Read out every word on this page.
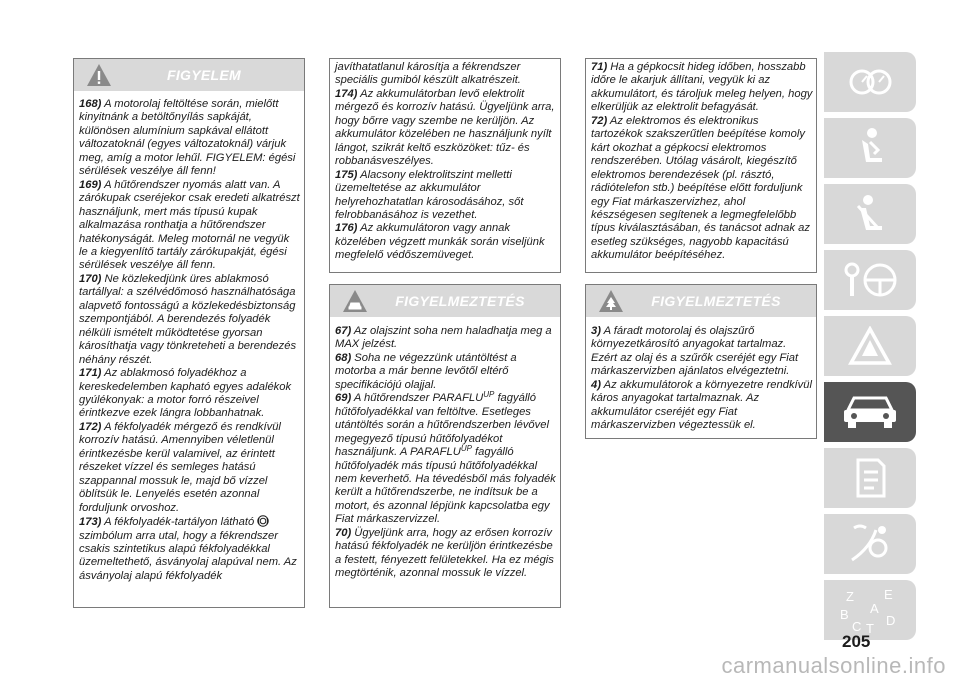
FIGYELEM

168) A motorolaj feltöltése során, mielőtt kinyitnánk a betöltőnyílás sapkáját, különösen alumínium sapkával ellátott változatoknál (egyes változatoknál) várjuk meg, amíg a motor lehűl. FIGYELEM: égési sérülések veszélye áll fenn!

169) A hűtőrendszer nyomás alatt van. A zárókupak cseréjekor csak eredeti alkatrészt használjunk, mert más típusú kupak alkalmazása ronthatja a hűtőrendszer hatékonyságát. Meleg motornál ne vegyük le a kiegyenlítő tartály zárókupakját, égési sérülések veszélye áll fenn.

170) Ne közlekedjünk üres ablakmosó tartállyal: a szélvédőmosó használhatósága alapvető fontosságú a közlekedésbiztonság szempontjából. A berendezés folyadék nélküli ismételt működtetése gyorsan károsíthatja vagy tönkreteheti a berendezés néhány részét.

171) Az ablakmosó folyadékhoz a kereskedelemben kapható egyes adalékok gyúlékonyak: a motor forró részeivel érintkezve ezek lángra lobbanhatnak.

172) A fékfolyadék mérgező és rendkívül korrozív hatású. Amennyiben véletlenül érintkezésbe kerül valamivel, az érintett részeket vízzel és semleges hatású szappannal mossuk le, majd bő vízzel öblítsük le. Lenyelés esetén azonnal forduljunk orvoshoz.

173) A fékfolyadék-tartályon látható  szimbólum arra utal, hogy a fékrendszer csakis szintetikus alapú fékfolyadékkal üzemeltethető, ásványolaj alapúval nem. Az ásványolaj alapú fékfolyadék

javíthatatlanul károsítja a fékrendszer speciális gumiból készült alkatrészeit.

174) Az akkumulátorban levő elektrolit mérgező és korrozív hatású. Ügyeljünk arra, hogy bőrre vagy szembe ne kerüljön. Az akkumulátor közelében ne használjunk nyílt lángot, szikrát keltő eszközöket: tűz- és robbanásveszélyes.

175) Alacsony elektrolitszint melletti üzemeltetése az akkumulátor helyrehozhatatlan károsodásához, sőt felrobbanásához is vezethet.

176) Az akkumulátoron vagy annak közelében végzett munkák során viseljünk megfelelő védőszemüveget.

FIGYELMEZTETÉS

67) Az olajszint soha nem haladhatja meg a MAX jelzést.

68) Soha ne végezzünk utántöltést a motorba a már benne levőtől eltérő specifikációjú olajjal.

69) A hűtőrendszer $PARAFLU^{UP}$ fagyálló hűtőfolyadékkal van feltöltve. Esetleges utántöltés során a hűtőrendszerben lévővel megegyező típusú hűtőfolyadékot használjunk. A $PARAFLU^{UP}$ fagyálló hűtőfolyadék más típusú hűtőfolyadékkal nem keverhető. Ha tévedésből más folyadék került a hűtőrendszerbe, ne indítsuk be a motort, és azonnal lépjünk kapcsolatba egy Fiat márkaszervizzel.

70) Ügyeljünk arra, hogy az erősen korrozív hatású fékfolyadék ne kerüljön érintkezésbe a festett, fényezett felületekkel. Ha ez mégis megtörténik, azonnal mossuk le vízzel.

71) Ha a gépkocsit hideg időben, hosszabb időre le akarjuk állítani, vegyük ki az akkumulátort, és tároljuk meleg helyen, hogy elkerüljük az elektrolit befagyását.

72) Az elektromos és elektronikus tartozékok szakszerűtlen beépítése komoly kárt okozhat a gépkocsi elektromos rendszerében. Utólag vásárolt, kiegészítő elektromos berendezések (pl. rásztó, rádiótelefon stb.) beépítése előtt forduljunk egy Fiat márkaszervizhez, ahol készségesen segítenek a legmegfelelőbb típus kiválasztásában, és tanácsot adnak az esetleg szükséges, nagyobb kapacitású akkumulátor beépítéséhez.

FIGYELMEZTETÉS

3) A fáradt motorolaj és olajszűrő környezetkárosító anyagokat tartalmaz. Ezért az olaj és a szűrők cseréjét egy Fiat márkaszervizben ajánlatos elvégeztetni.

4) Az akkumulátorok a környezetre rendkívül káros anyagokat tartalmaznak. Az akkumulátor cseréjét egy Fiat márkaszervizben végeztessük el.

Z E
A
B
C T
D
205
carmanualsonline.info
